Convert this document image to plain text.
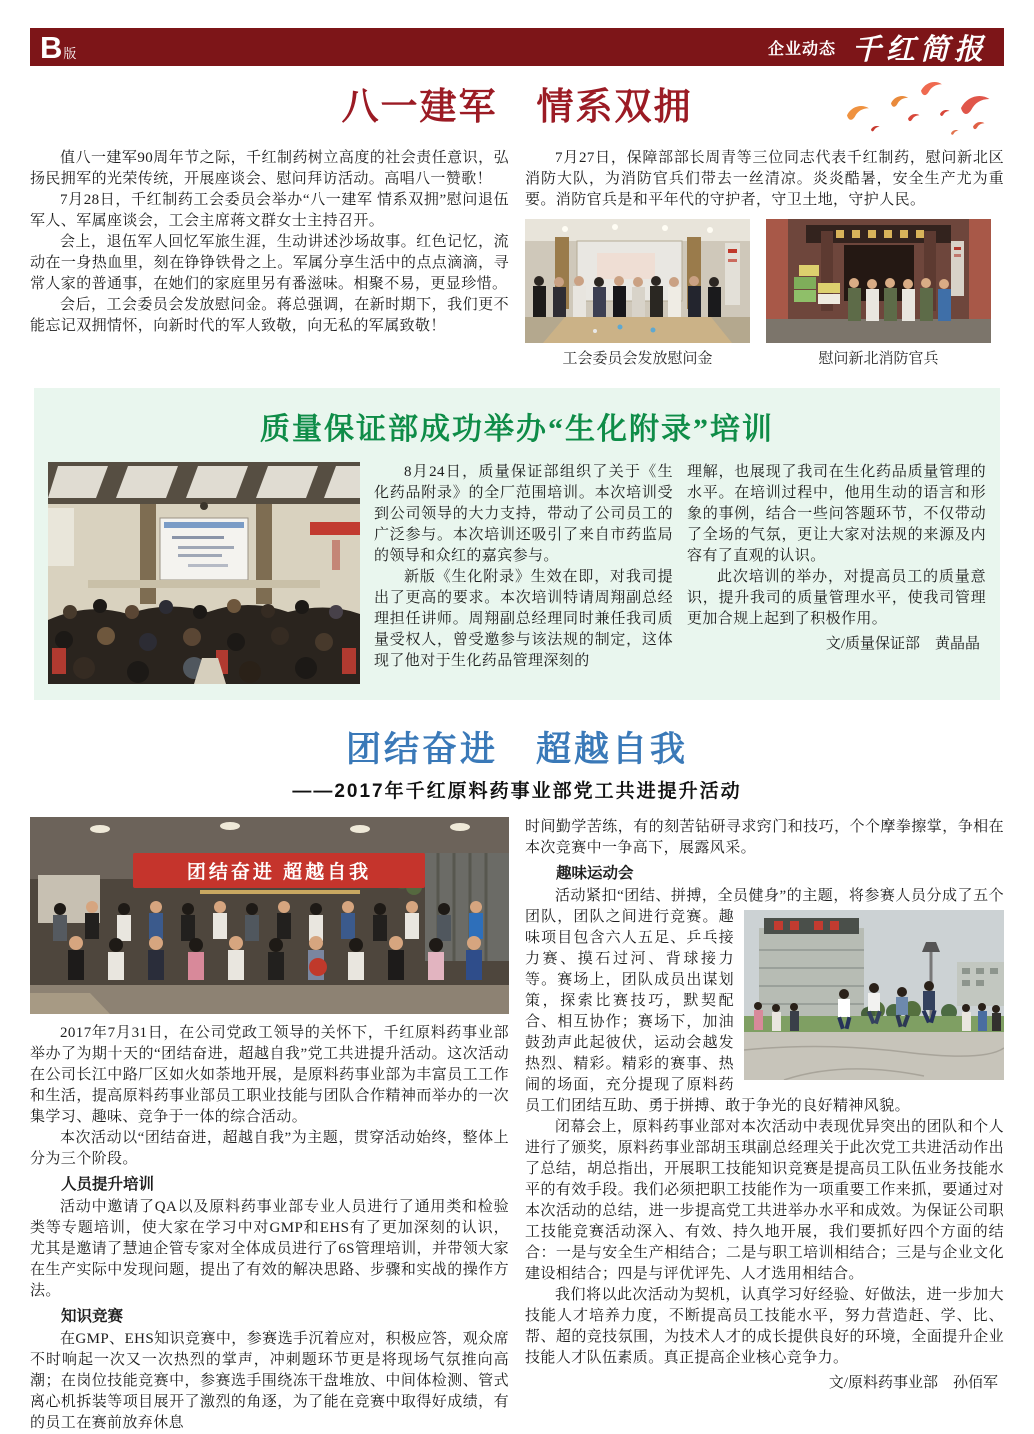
B 版	企业动态 千红简报
八一建军　情系双拥

值八一建军90周年节之际，千红制药树立高度的社会责任意识，弘扬民拥军的光荣传统，开展座谈会、慰问拜访活动。高唱八一赞歌！

7月28日，千红制药工会委员会举办“八一建军 情系双拥”慰问退伍军人、军属座谈会，工会主席蒋文群女士主持召开。

会上，退伍军人回忆军旅生涯，生动讲述沙场故事。红色记忆，流动在一身热血里，刻在铮铮铁骨之上。军属分享生活中的点点滴滴，寻常人家的普通事，在她们的家庭里另有番滋味。相聚不易，更显珍惜。

会后，工会委员会发放慰问金。蒋总强调，在新时期下，我们更不能忘记双拥情怀，向新时代的军人致敬，向无私的军属致敬！

7月27日，保障部部长周青等三位同志代表千红制药，慰问新北区消防大队，为消防官兵们带去一丝清凉。炎炎酷暑，安全生产尤为重要。消防官兵是和平年代的守护者，守卫土地，守护人民。

工会委员会发放慰问金	慰问新北消防官兵
质量保证部成功举办“生化附录”培训

8月24日，质量保证部组织了关于《生化药品附录》的全厂范围培训。本次培训受到公司领导的大力支持，带动了公司员工的广泛参与。本次培训还吸引了来自市药监局的领导和众红的嘉宾参与。

新版《生化附录》生效在即，对我司提出了更高的要求。本次培训特请周翔副总经理担任讲师。周翔副总经理同时兼任我司质量受权人，曾受邀参与该法规的制定，这体现了他对于生化药品管理深刻的

理解，也展现了我司在生化药品质量管理的水平。在培训过程中，他用生动的语言和形象的事例，结合一些问答题环节，不仅带动了全场的气氛，更让大家对法规的来源及内容有了直观的认识。

此次培训的举办，对提高员工的质量意识，提升我司的质量管理水平，使我司管理更加合规上起到了积极作用。

文/质量保证部　黄晶晶
团结奋进　超越自我
——2017年千红原料药事业部党工共进提升活动
团结奋进 超越自我

2017年7月31日，在公司党政工领导的关怀下，千红原料药事业部举办了为期十天的“团结奋进，超越自我”党工共进提升活动。这次活动在公司长江中路厂区如火如荼地开展，是原料药事业部为丰富员工工作和生活，提高原料药事业部员工职业技能与团队合作精神而举办的一次集学习、趣味、竞争于一体的综合活动。

本次活动以“团结奋进，超越自我”为主题，贯穿活动始终，整体上分为三个阶段。

人员提升培训

活动中邀请了QA以及原料药事业部专业人员进行了通用类和检验类等专题培训，使大家在学习中对GMP和EHS有了更加深刻的认识，尤其是邀请了慧迪企管专家对全体成员进行了6S管理培训，并带领大家在生产实际中发现问题，提出了有效的解决思路、步骤和实战的操作方法。

知识竞赛

在GMP、EHS知识竞赛中，参赛选手沉着应对，积极应答，观众席不时响起一次又一次热烈的掌声，冲刺题环节更是将现场气氛推向高潮；在岗位技能竞赛中，参赛选手围绕冻干盘堆放、中间体检测、管式离心机拆装等项目展开了激烈的角逐，为了能在竞赛中取得好成绩，有的员工在赛前放弃休息

时间勤学苦练，有的刻苦钻研寻求窍门和技巧，个个摩拳擦掌，争相在本次竞赛中一争高下，展露风采。

趣味运动会

活动紧扣“团结、拼搏，全员健身”的主题，将参赛人员分成了五个团队，团队之间进行竞赛。
趣味项目包含六人五足、乒乓接力赛、摸石过河、背球接力等。赛场上，团队成员出谋划策，探索比赛技巧，默契配合、相互协作；赛场下，加油鼓劲声此起彼伏，运动会越发热烈、精彩。精彩的赛事、热闹的场面，充分提现了原料药员工们团结互助、勇于拼搏、敢于争光的良好精神风貌。

闭幕会上，原料药事业部对本次活动中表现优异突出的团队和个人进行了颁奖，原料药事业部胡玉琪副总经理关于此次党工共进活动作出了总结，胡总指出，开展职工技能知识竞赛是提高员工队伍业务技能水平的有效手段。我们必须把职工技能作为一项重要工作来抓，要通过对本次活动的总结，进一步提高党工共进举办水平和成效。为保证公司职工技能竞赛活动深入、有效、持久地开展，我们要抓好四个方面的结合：一是与安全生产相结合；二是与职工培训相结合；三是与企业文化建设相结合；四是与评优评先、人才选用相结合。

我们将以此次活动为契机，认真学习好经验、好做法，进一步加大技能人才培养力度，不断提高员工技能水平，努力营造赶、学、比、帮、超的竞技氛围，为技术人才的成长提供良好的环境，全面提升企业技能人才队伍素质。真正提高企业核心竞争力。

文/原料药事业部　孙佰军
